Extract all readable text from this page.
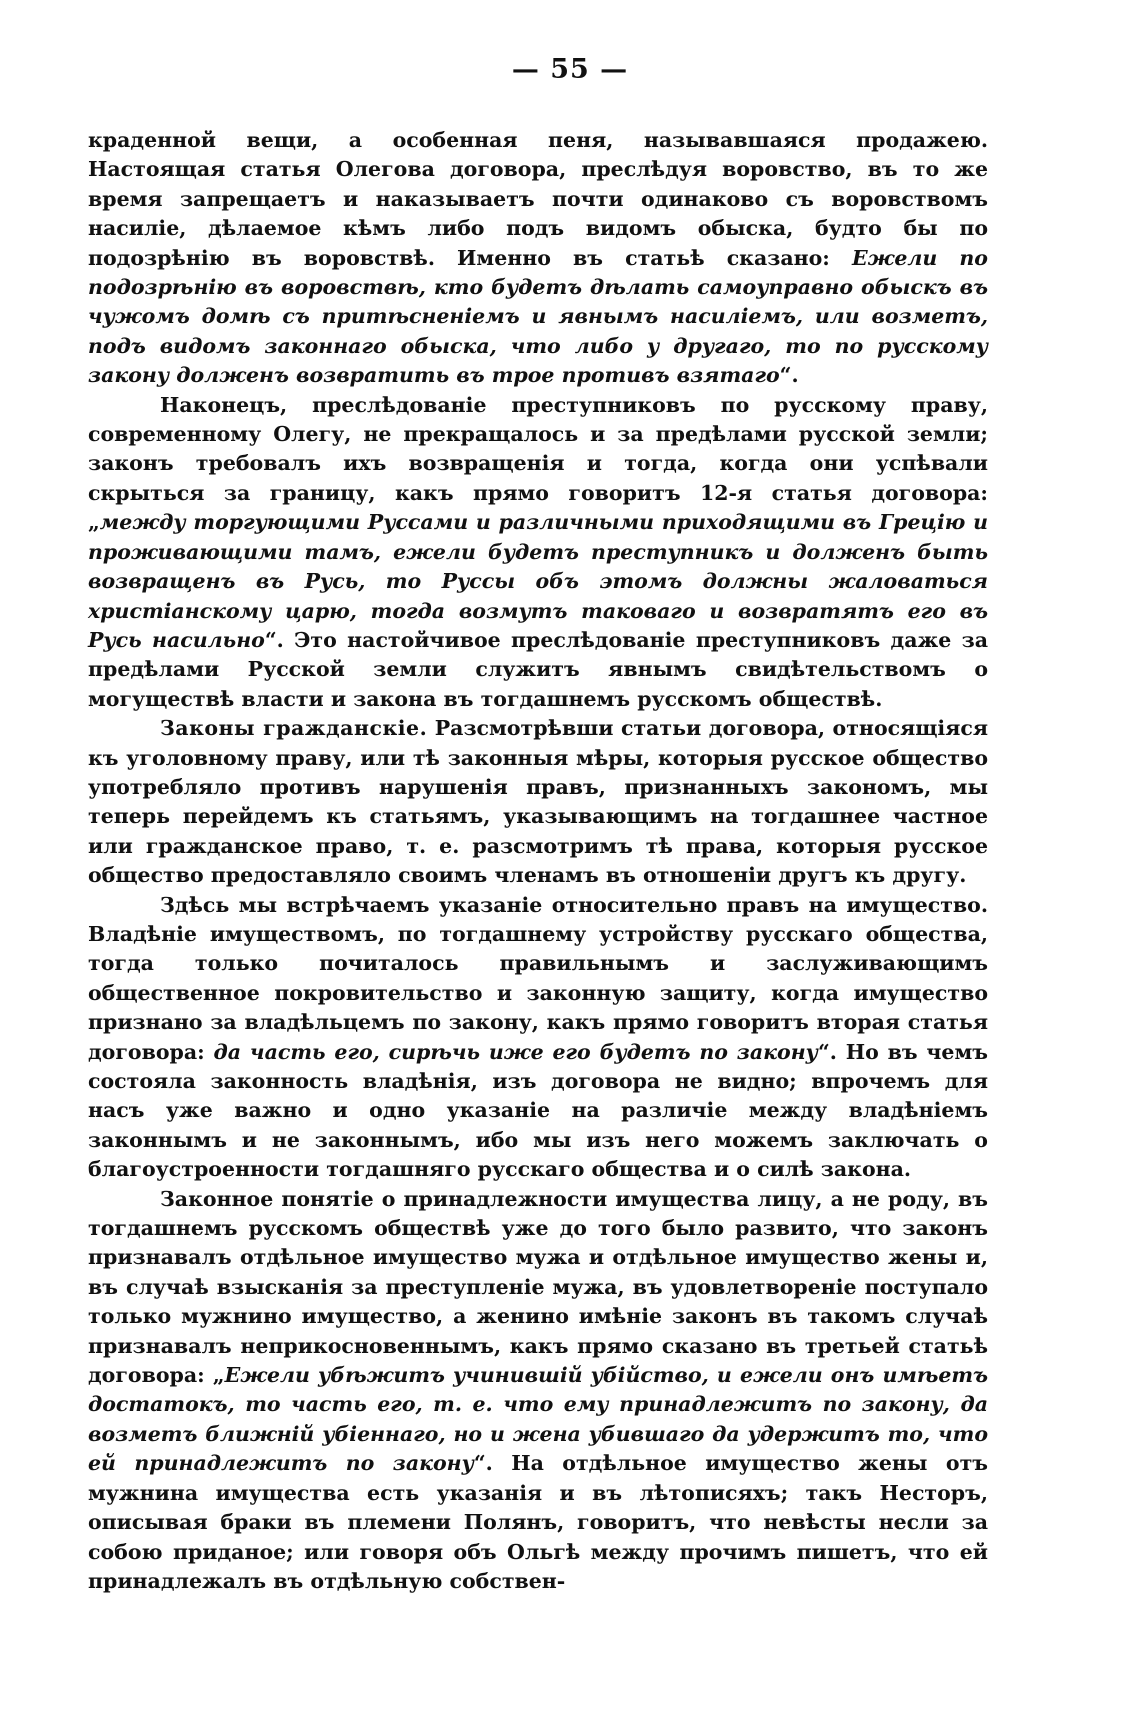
— 55 —

краденной вещи, а особенная пеня, называвшаяся продажею. Настоящая статья Олегова договора, преслѣдуя воровство, въ то же время запрещаетъ и наказываетъ почти одинаково съ воровствомъ насиліе, дѣлаемое кѣмъ либо подъ видомъ обыска, будто бы по подозрѣнію въ воровствѣ. Именно въ статьѣ сказано: Ежели по подозрѣнію въ воровствѣ, кто будетъ дѣлать самоуправно обыскъ въ чужомъ домѣ съ притѣсненіемъ и явнымъ насиліемъ, или возметъ, подъ видомъ законнаго обыска, что либо у другаго, то по русскому закону долженъ возвратить въ трое противъ взятаго“.

Наконецъ, преслѣдованіе преступниковъ по русскому праву, современному Олегу, не прекращалось и за предѣлами русской земли; законъ требовалъ ихъ возвращенія и тогда, когда они успѣвали скрыться за границу, какъ прямо говоритъ 12-я статья договора: „между торгующими Руссами и различными приходящими въ Грецію и проживающими тамъ, ежели будетъ преступникъ и долженъ быть возвращенъ въ Русь, то Руссы объ этомъ должны жаловаться христіанскому царю, тогда возмутъ таковаго и возвратятъ его въ Русь насильно“. Это настойчивое преслѣдованіе преступниковъ даже за предѣлами Русской земли служитъ явнымъ свидѣтельствомъ о могуществѣ власти и закона въ тогдашнемъ русскомъ обществѣ.

Законы гражданскіе. Разсмотрѣвши статьи договора, относящіяся къ уголовному праву, или тѣ законныя мѣры, которыя русское общество употребляло противъ нарушенія правъ, признанныхъ закономъ, мы теперь перейдемъ къ статьямъ, указывающимъ на тогдашнее частное или гражданское право, т. е. разсмотримъ тѣ права, которыя русское общество предоставляло своимъ членамъ въ отношеніи другъ къ другу.

Здѣсь мы встрѣчаемъ указаніе относительно правъ на имущество. Владѣніе имуществомъ, по тогдашнему устройству русскаго общества, тогда только почиталось правильнымъ и заслуживающимъ общественное покровительство и законную защиту, когда имущество признано за владѣльцемъ по закону, какъ прямо говоритъ вторая статья договора: да часть его, сирѣчь иже его будетъ по закону“. Но въ чемъ состояла законность владѣнія, изъ договора не видно; впрочемъ для насъ уже важно и одно указаніе на различіе между владѣніемъ законнымъ и не законнымъ, ибо мы изъ него можемъ заключать о благоустроенности тогдашняго русскаго общества и о силѣ закона.

Законное понятіе о принадлежности имущества лицу, а не роду, въ тогдашнемъ русскомъ обществѣ уже до того было развито, что законъ признавалъ отдѣльное имущество мужа и отдѣльное имущество жены и, въ случаѣ взысканія за преступленіе мужа, въ удовлетвореніе поступало только мужнино имущество, а женино имѣніе законъ въ такомъ случаѣ признавалъ неприкосновеннымъ, какъ прямо сказано въ третьей статьѣ договора: „Ежели убѣжитъ учинившій убійство, и ежели онъ имѣетъ достатокъ, то часть его, т. е. что ему принадлежитъ по закону, да возметъ ближній убіеннаго, но и жена убившаго да удержитъ то, что ей принадлежитъ по закону“. На отдѣльное имущество жены отъ мужнина имущества есть указанія и въ лѣтописяхъ; такъ Несторъ, описывая браки въ племени Полянъ, говоритъ, что невѣсты несли за собою приданое; или говоря объ Ольгѣ между прочимъ пишетъ, что ей принадлежалъ въ отдѣльную собствен-
